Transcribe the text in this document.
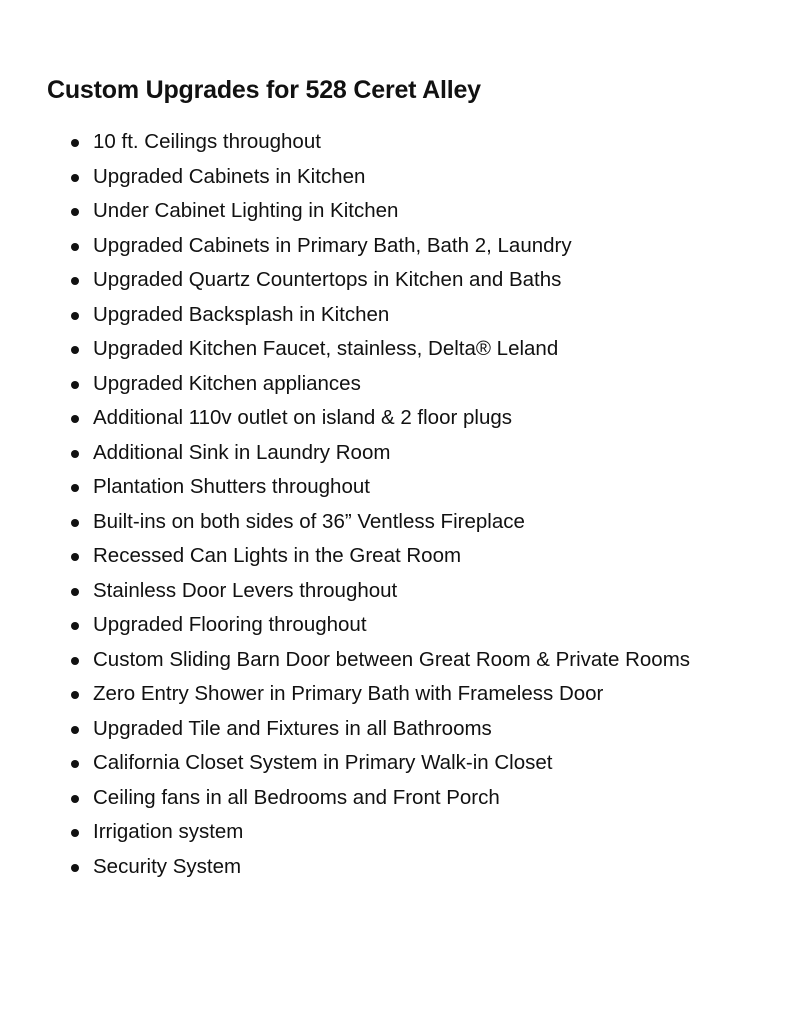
Custom Upgrades for 528 Ceret Alley
10 ft. Ceilings throughout
Upgraded Cabinets in Kitchen
Under Cabinet Lighting in Kitchen
Upgraded Cabinets in Primary Bath, Bath 2, Laundry
Upgraded Quartz Countertops in Kitchen and Baths
Upgraded Backsplash in Kitchen
Upgraded Kitchen Faucet, stainless, Delta® Leland
Upgraded Kitchen appliances
Additional 110v outlet on island & 2 floor plugs
Additional Sink in Laundry Room
Plantation Shutters throughout
Built-ins on both sides of 36” Ventless Fireplace
Recessed Can Lights in the Great Room
Stainless Door Levers throughout
Upgraded Flooring throughout
Custom Sliding Barn Door between Great Room & Private Rooms
Zero Entry Shower in Primary Bath with Frameless Door
Upgraded Tile and Fixtures in all Bathrooms
California Closet System in Primary Walk-in Closet
Ceiling fans in all Bedrooms and Front Porch
Irrigation system
Security System
